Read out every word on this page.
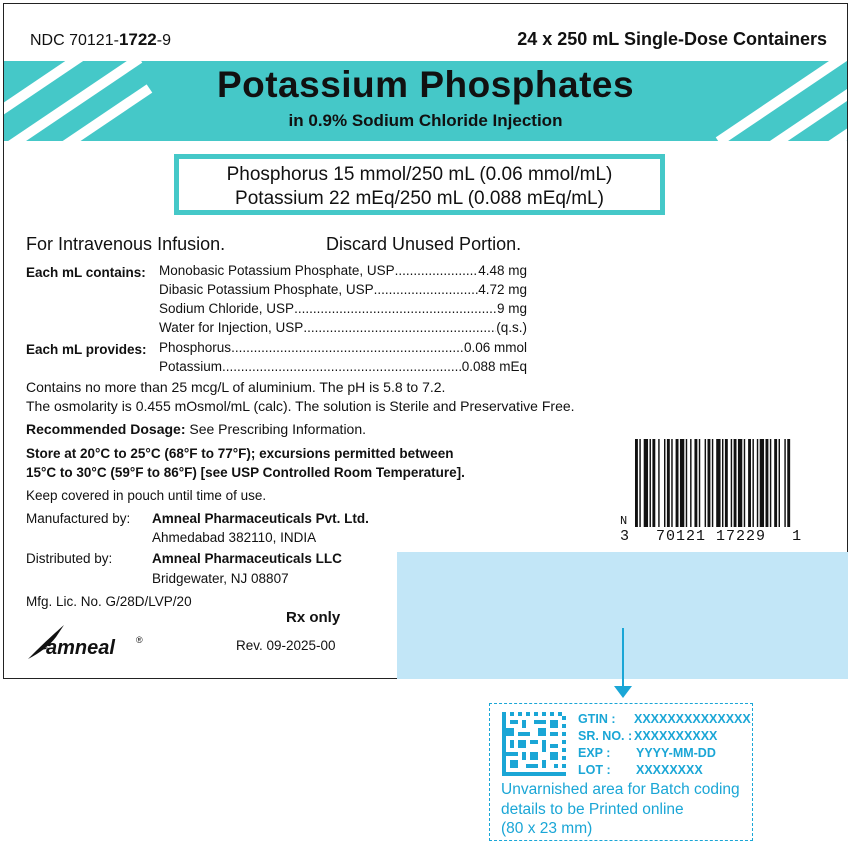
NDC 70121-1722-9	24 x 250 mL Single-Dose Containers
Potassium Phosphates
in 0.9% Sodium Chloride Injection
Phosphorus 15 mmol/250 mL (0.06 mmol/mL)
Potassium 22 mEq/250 mL (0.088 mEq/mL)
For Intravenous Infusion.	Discard Unused Portion.
Each mL contains: Monobasic Potassium Phosphate, USP .....	4.48 mg
Dibasic Potassium Phosphate, USP .....	4.72 mg
Sodium Chloride, USP .....	9 mg
Water for Injection, USP .....	(q.s.)
Each mL provides: Phosphorus .....	0.06 mmol
Potassium .....	0.088 mEq
Contains no more than 25 mcg/L of aluminium. The pH is 5.8 to 7.2.
The osmolarity is 0.455 mOsmol/mL (calc). The solution is Sterile and Preservative Free.
Recommended Dosage: See Prescribing Information.
Store at 20°C to 25°C (68°F to 77°F); excursions permitted between
15°C to 30°C (59°F to 86°F) [see USP Controlled Room Temperature].
Keep covered in pouch until time of use.
Manufactured by: Amneal Pharmaceuticals Pvt. Ltd.
Ahmedabad 382110, INDIA
Distributed by:	Amneal Pharmaceuticals LLC
Bridgewater, NJ 08807
Mfg. Lic. No. G/28D/LVP/20
Rx only
Rev. 09-2025-00
amneal ®
N
3 70121 17229 1
GTIN : XXXXXXXXXXXXXX
SR. NO. : XXXXXXXXXX
EXP : YYYY-MM-DD
LOT : XXXXXXXX
Unvarnished area for Batch coding
details to be Printed online
(80 x 23 mm)
